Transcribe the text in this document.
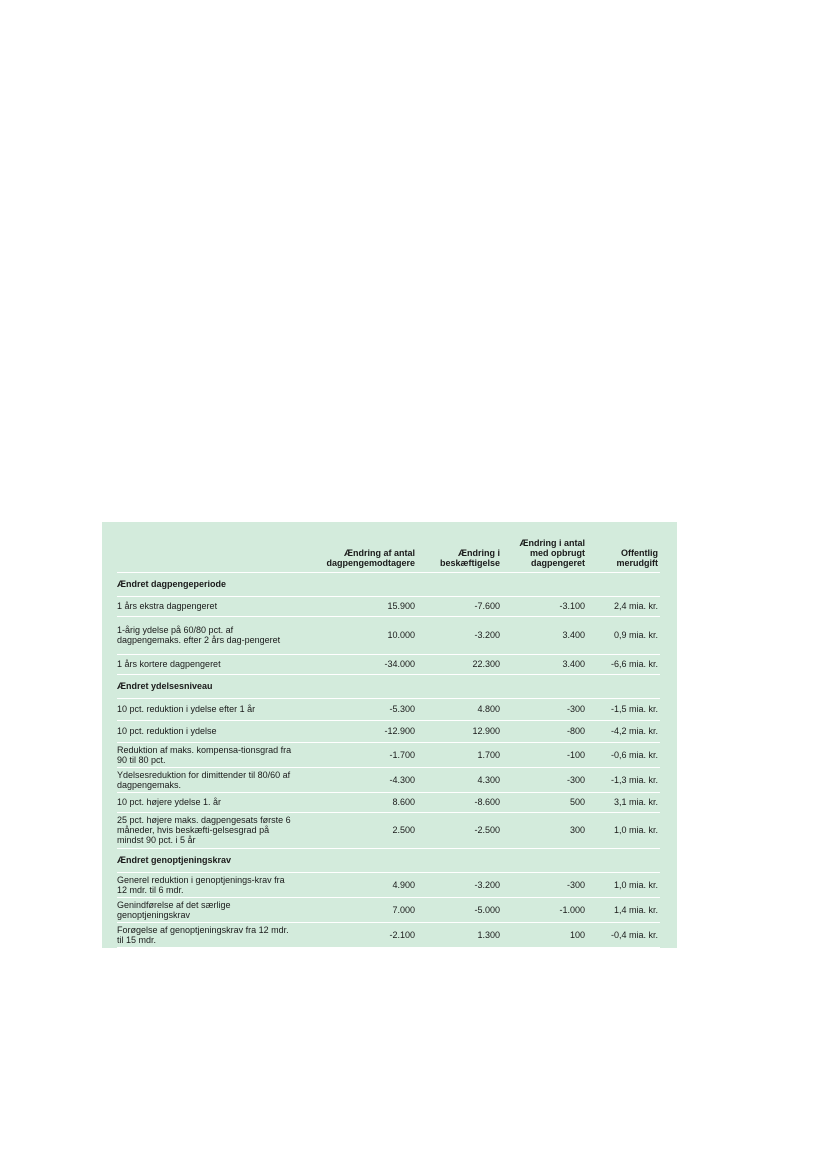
	Ændring af antal dagpengemodtagere	Ændring i beskæftigelse	Ændring i antal med opbrugt dagpengeret	Offentlig merudgift
Ændret dagpengeperiode				
1 års ekstra dagpengeret	15.900	-7.600	-3.100	2,4 mia. kr.
1-årig ydelse på 60/80 pct. af dagpengemaks. efter 2 års dag-pengeret	10.000	-3.200	3.400	0,9 mia. kr.
1 års kortere dagpengeret	-34.000	22.300	3.400	-6,6 mia. kr.
Ændret ydelsesniveau				
10 pct. reduktion i ydelse efter 1 år	-5.300	4.800	-300	-1,5 mia. kr.
10 pct. reduktion i ydelse	-12.900	12.900	-800	-4,2 mia. kr.
Reduktion af maks. kompensa-tionsgrad fra 90 til 80 pct.	-1.700	1.700	-100	-0,6 mia. kr.
Ydelsesreduktion for dimittender til 80/60 af dagpengemaks.	-4.300	4.300	-300	-1,3 mia. kr.
10 pct. højere ydelse 1. år	8.600	-8.600	500	3,1 mia. kr.
25 pct. højere maks. dagpengesats første 6 måneder, hvis beskæfti-gelsesgrad på mindst 90 pct. i 5 år	2.500	-2.500	300	1,0 mia. kr.
Ændret genoptjeningskrav				
Generel reduktion i genoptjenings-krav fra 12 mdr. til 6 mdr.	4.900	-3.200	-300	1,0 mia. kr.
Genindførelse af det særlige genoptjeningskrav	7.000	-5.000	-1.000	1,4 mia. kr.
Forøgelse af genoptjeningskrav fra 12 mdr. til 15 mdr.	-2.100	1.300	100	-0,4 mia. kr.
